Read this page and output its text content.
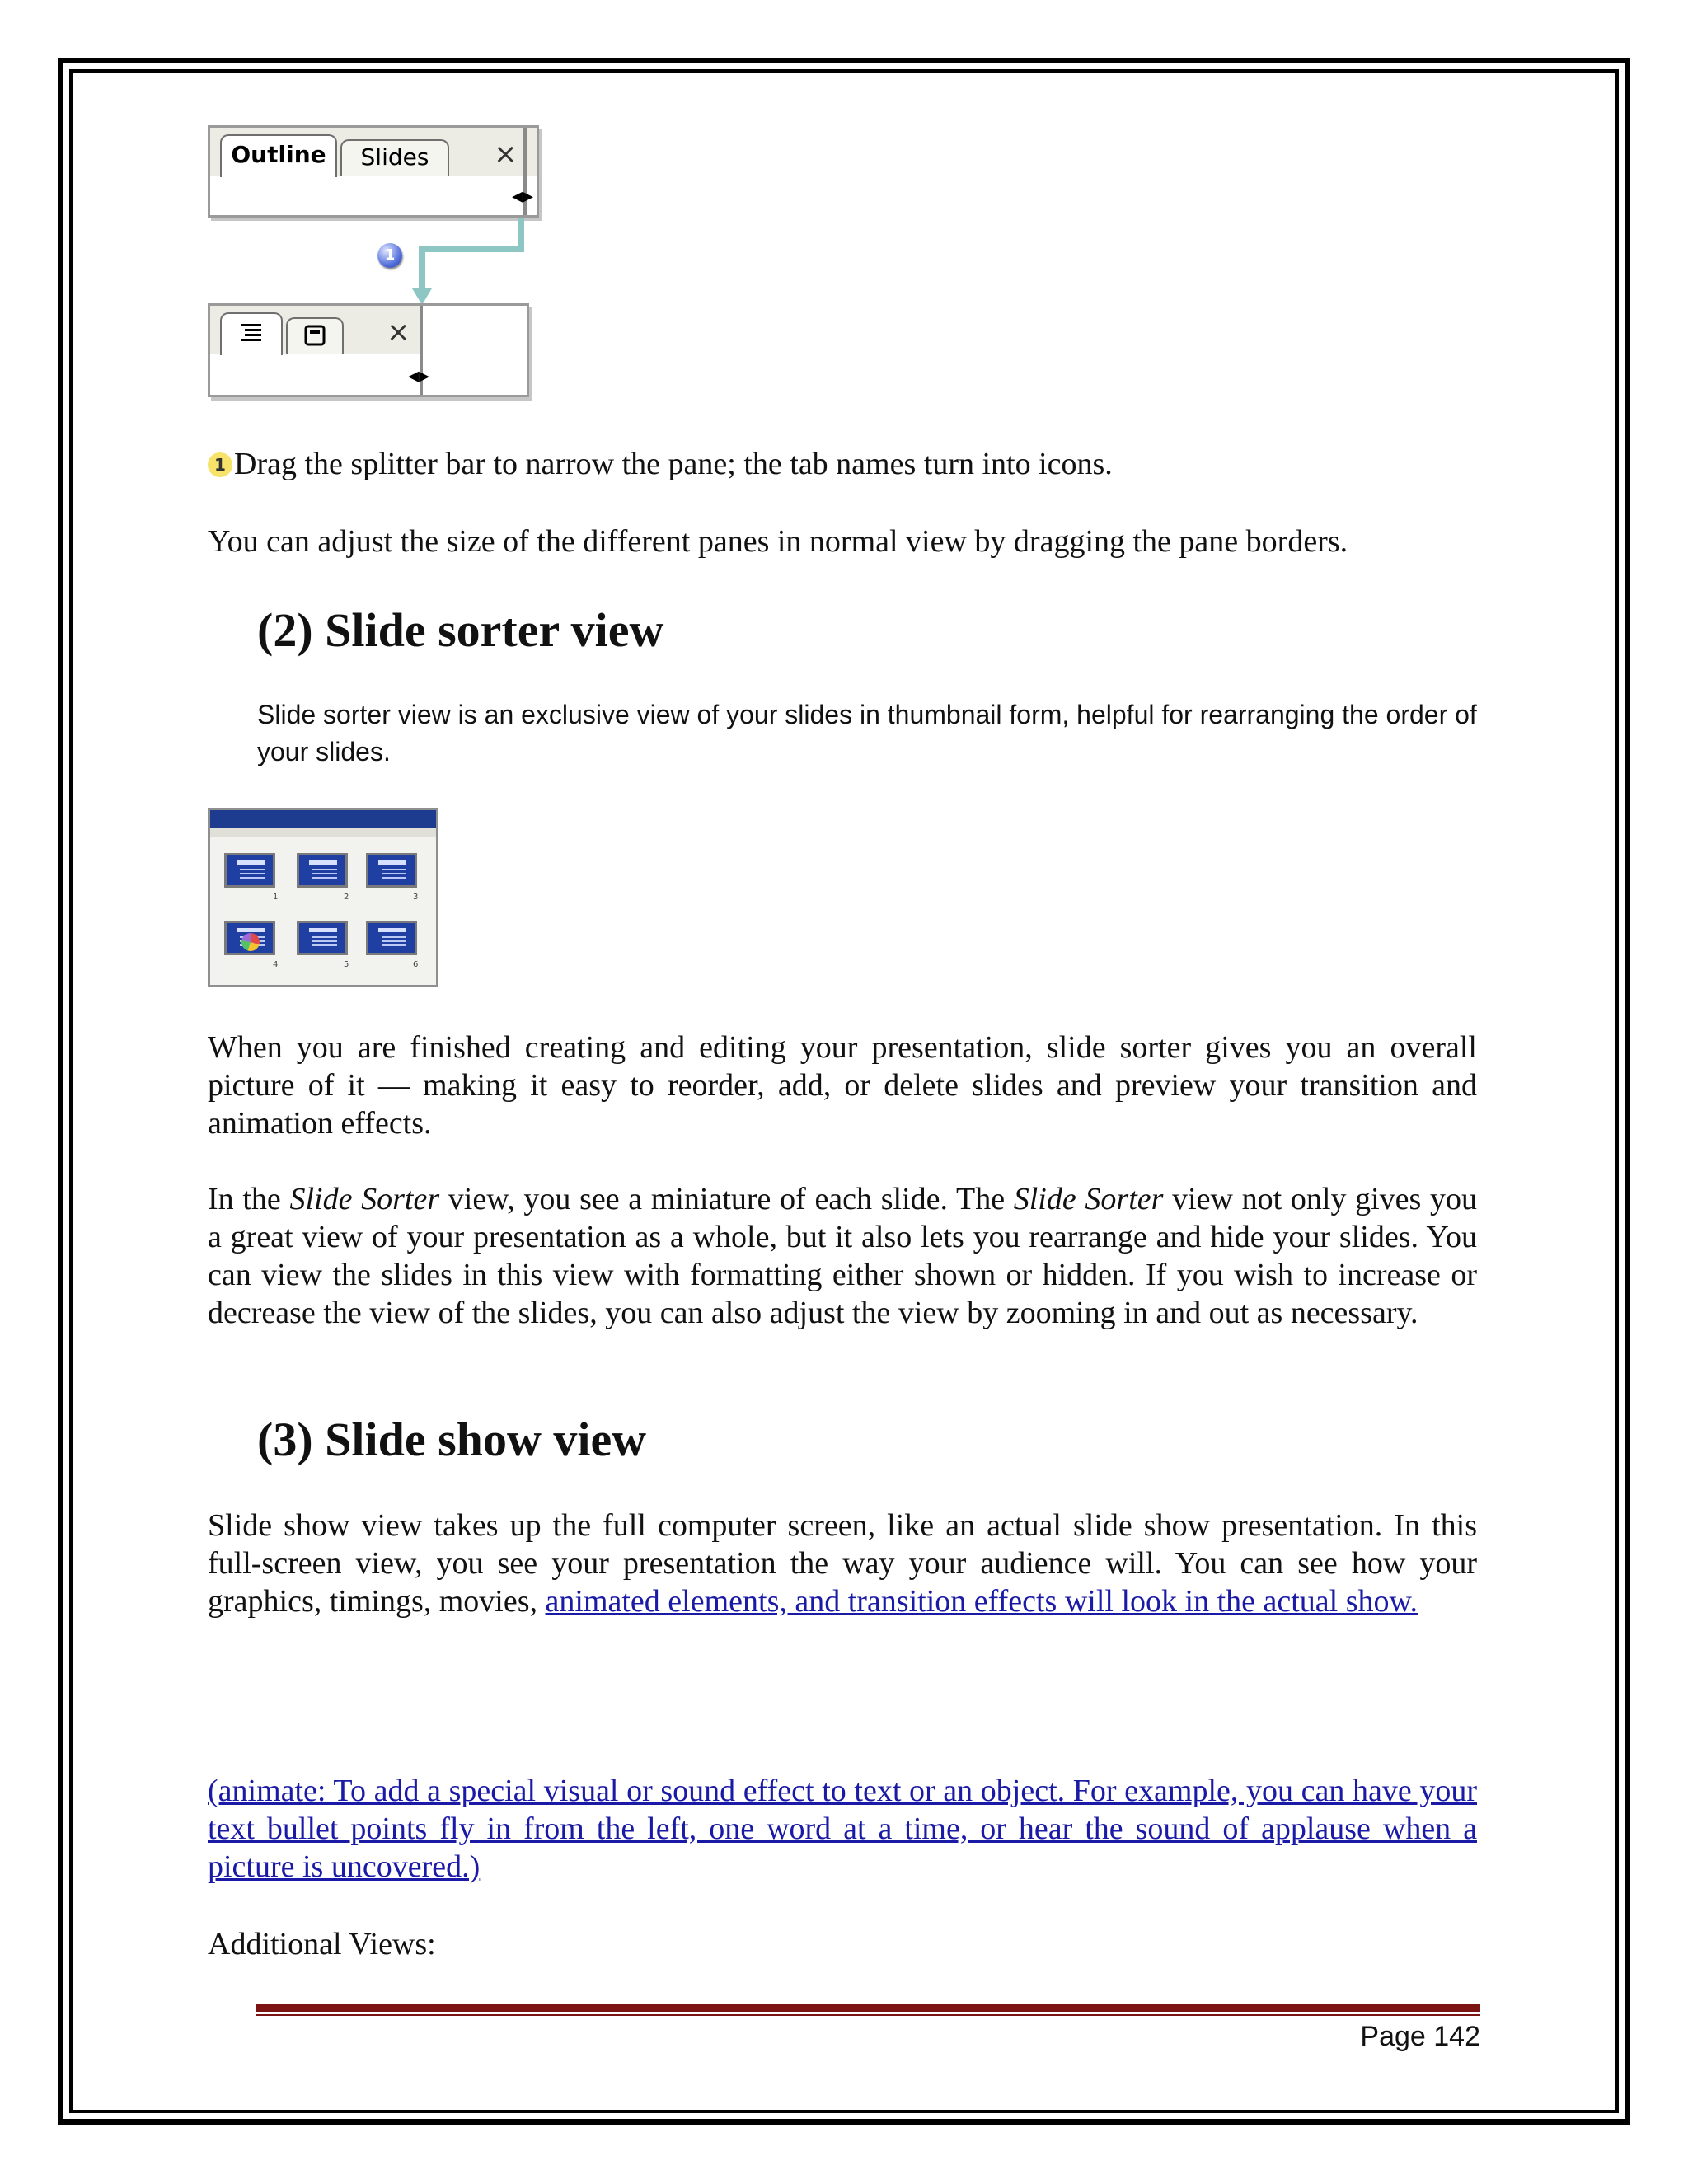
Outline	Slides	×
◂▸
1
×
◂▸
1 Drag the splitter bar to narrow the pane; the tab names turn into icons.
You can adjust the size of the different panes in normal view by dragging the pane borders.
(2) Slide sorter view
Slide sorter view is an exclusive view of your slides in thumbnail form, helpful for rearranging the order of your slides.
1	2	3
4	5	6
When you are finished creating and editing your presentation, slide sorter gives you an overall picture of it — making it easy to reorder, add, or delete slides and preview your transition and animation effects.
In the Slide Sorter view, you see a miniature of each slide. The Slide Sorter view not only gives you a great view of your presentation as a whole, but it also lets you rearrange and hide your slides. You can view the slides in this view with formatting either shown or hidden. If you wish to increase or decrease the view of the slides, you can also adjust the view by zooming in and out as necessary.
(3) Slide show view
Slide show view takes up the full computer screen, like an actual slide show presentation. In this full-screen view, you see your presentation the way your audience will. You can see how your graphics, timings, movies, animated elements, and transition effects will look in the actual show.
(animate: To add a special visual or sound effect to text or an object. For example, you can have your text bullet points fly in from the left, one word at a time, or hear the sound of applause when a picture is uncovered.)
Additional Views:
Page 142
